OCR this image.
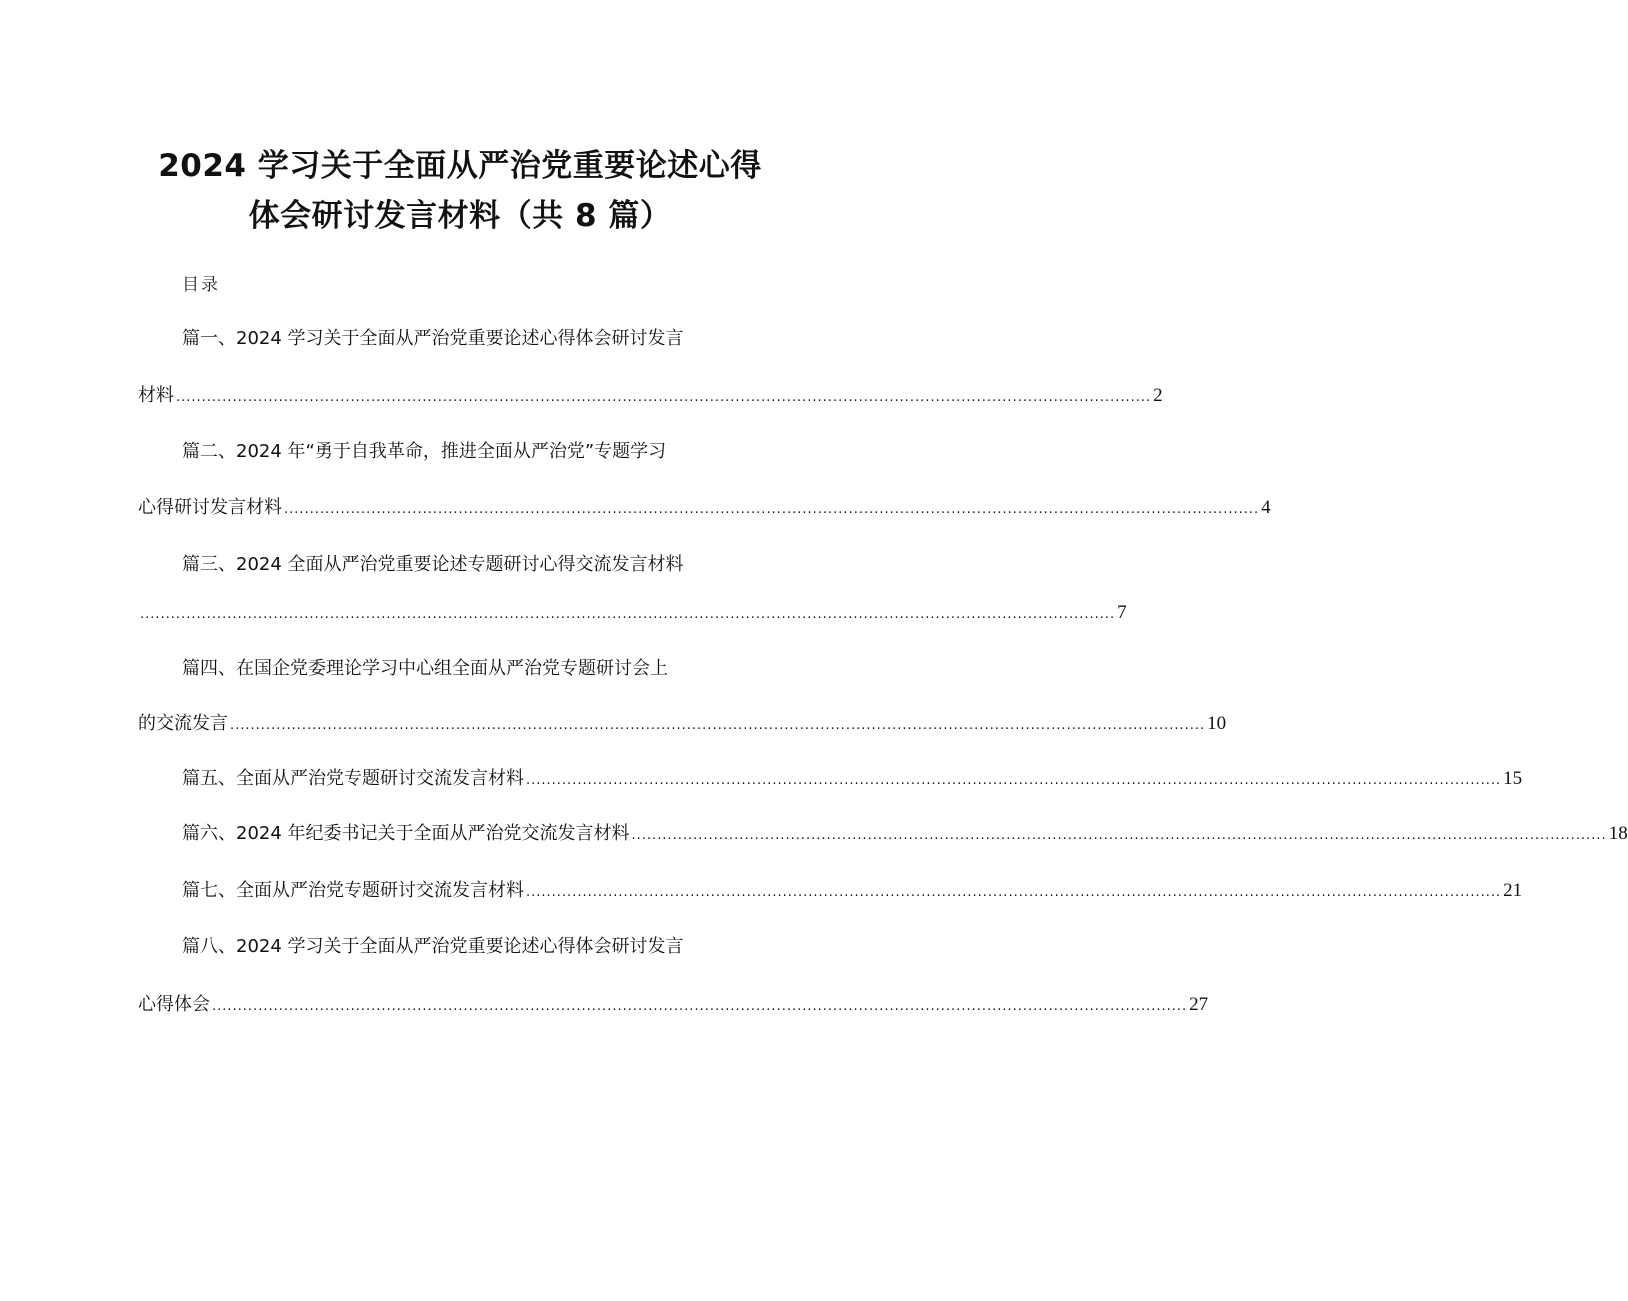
2024 学习关于全面从严治党重要论述心得
体会研讨发言材料（共 8 篇）
目录
篇一、2024 学习关于全面从严治党重要论述心得体会研讨发言
材料 .............................................................................................................................................................................................. 2
篇二、2024 年“勇于自我革命，推进全面从严治党”专题学习
心得研讨发言材料 .............................................................................................................................................................................................. 4
篇三、2024 全面从严治党重要论述专题研讨心得交流发言材料
.............................................................................................................................................................................................. 7
篇四、在国企党委理论学习中心组全面从严治党专题研讨会上
的交流发言 .............................................................................................................................................................................................. 10
篇五、全面从严治党专题研讨交流发言材料 .............................................................................................................................................................................................. 15
篇六、2024 年纪委书记关于全面从严治党交流发言材料 .............................................................................................................................................................................................. 18
篇七、全面从严治党专题研讨交流发言材料 .............................................................................................................................................................................................. 21
篇八、2024 学习关于全面从严治党重要论述心得体会研讨发言
心得体会 .............................................................................................................................................................................................. 27
